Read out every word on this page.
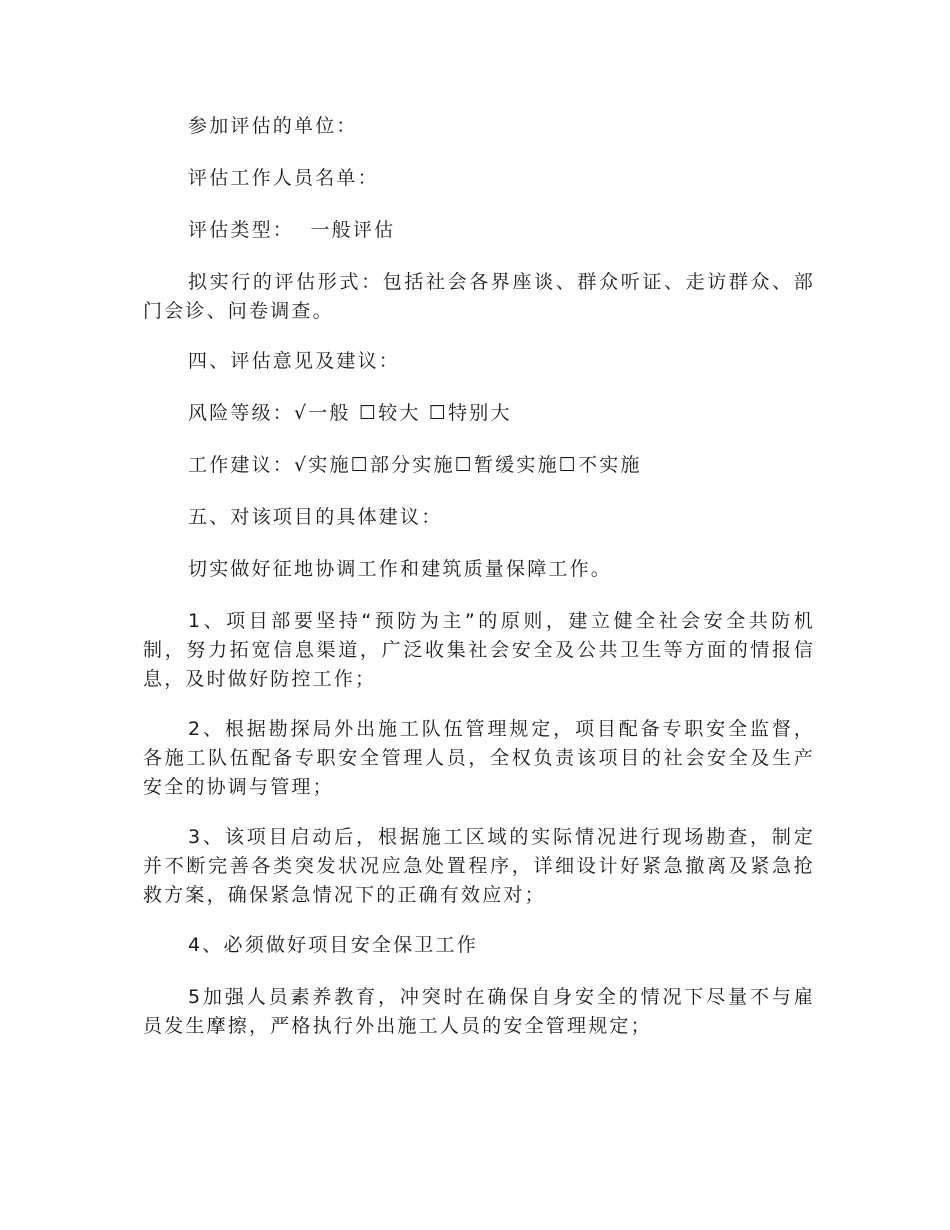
参加评估的单位：

评估工作人员名单：

评估类型：  一般评估

拟实行的评估形式：包括社会各界座谈、群众听证、走访群众、部门会诊、问卷调查。

四、评估意见及建议：

风险等级：√一般 ☐较大 ☐特别大

工作建议：√实施☐部分实施☐暂缓实施☐不实施

五、对该项目的具体建议：

切实做好征地协调工作和建筑质量保障工作。

1、项目部要坚持“预防为主”的原则，建立健全社会安全共防机制，努力拓宽信息渠道，广泛收集社会安全及公共卫生等方面的情报信息，及时做好防控工作；

2、根据勘探局外出施工队伍管理规定，项目配备专职安全监督，各施工队伍配备专职安全管理人员，全权负责该项目的社会安全及生产安全的协调与管理；

3、该项目启动后，根据施工区域的实际情况进行现场勘查，制定并不断完善各类突发状况应急处置程序，详细设计好紧急撤离及紧急抢救方案，确保紧急情况下的正确有效应对；

4、必须做好项目安全保卫工作

5加强人员素养教育，冲突时在确保自身安全的情况下尽量不与雇员发生摩擦，严格执行外出施工人员的安全管理规定；
